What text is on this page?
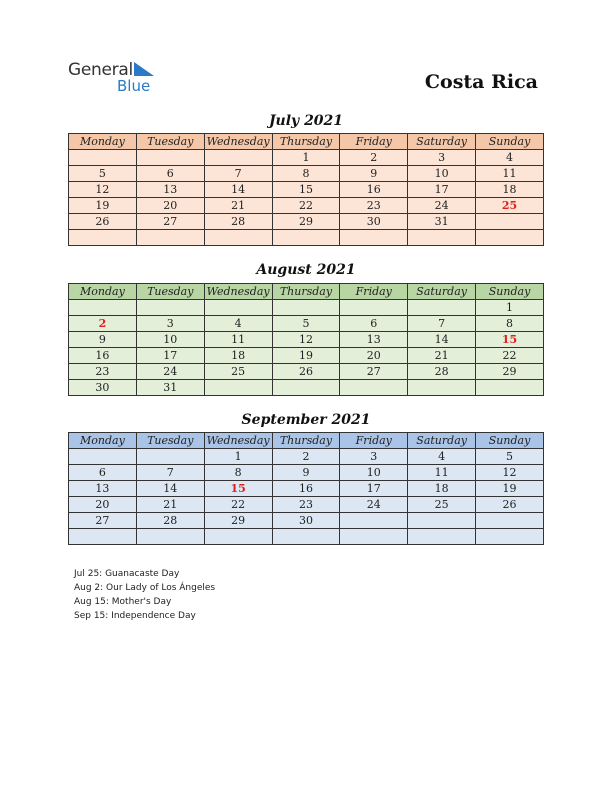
General
Blue	Costa Rica
July 2021
Monday	Tuesday	Wednesday	Thursday	Friday	Saturday	Sunday
			1	2	3	4
5	6	7	8	9	10	11
12	13	14	15	16	17	18
19	20	21	22	23	24	25
26	27	28	29	30	31	

August 2021
Monday	Tuesday	Wednesday	Thursday	Friday	Saturday	Sunday
						1
2	3	4	5	6	7	8
9	10	11	12	13	14	15
16	17	18	19	20	21	22
23	24	25	26	27	28	29
30	31					
September 2021
Monday	Tuesday	Wednesday	Thursday	Friday	Saturday	Sunday
		1	2	3	4	5
6	7	8	9	10	11	12
13	14	15	16	17	18	19
20	21	22	23	24	25	26
27	28	29	30			

Jul 25: Guanacaste Day
Aug 2: Our Lady of Los Ángeles
Aug 15: Mother's Day
Sep 15: Independence Day
